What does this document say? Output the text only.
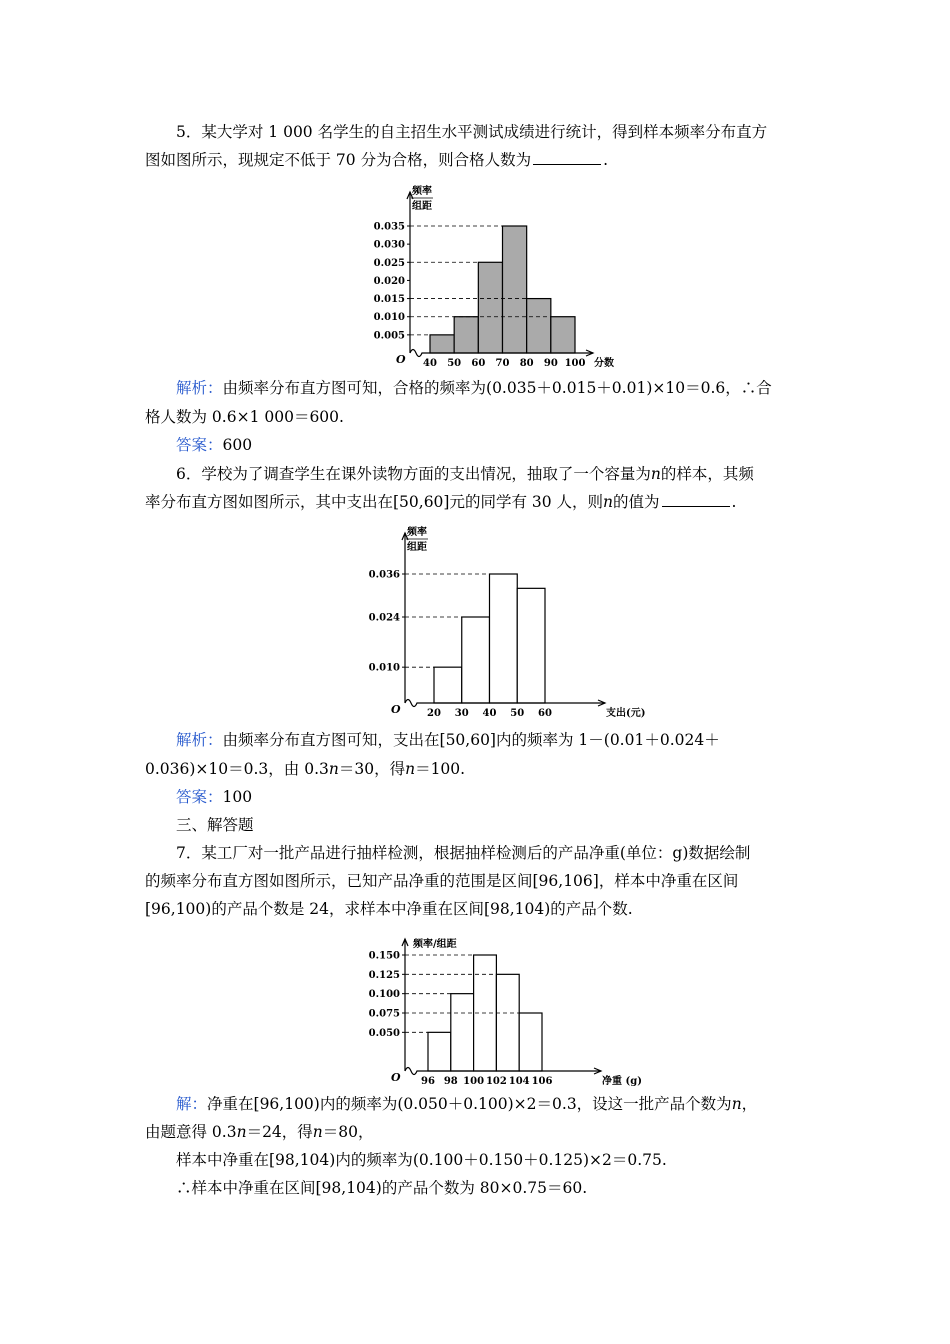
5．某大学对 1 000 名学生的自主招生水平测试成绩进行统计，得到样本频率分布直方
图如图所示，现规定不低于 70 分为合格，则合格人数为	.
0.005
0.010
0.015
0.020
0.025
0.030
0.035
40 50 60 70 80 90 100 分数
O
频率
组距
解析：由频率分布直方图可知，合格的频率为(0.035＋0.015＋0.01)×10＝0.6，∴合
格人数为 0.6×1 000＝600.
答案：600
6．学校为了调查学生在课外读物方面的支出情况，抽取了一个容量为n的样本，其频
率分布直方图如图所示，其中支出在[50,60]元的同学有 30 人，则n的值为	.
0.010
0.024
0.036
20 30 40 50 60	支出(元)
O
频率
组距
解析：由频率分布直方图可知，支出在[50,60]内的频率为 1－(0.01＋0.024＋
0.036)×10＝0.3，由 0.3n＝30，得n＝100.
答案：100
三、解答题
7．某工厂对一批产品进行抽样检测，根据抽样检测后的产品净重(单位：g)数据绘制
的频率分布直方图如图所示，已知产品净重的范围是区间[96,106]，样本中净重在区间
[96,100)的产品个数是 24，求样本中净重在区间[98,104)的产品个数.
0.050
0.075
0.100
0.125
0.150
96 98 100 102 104 106	净重 (g)
O
频率/组距
解：净重在[96,100)内的频率为(0.050＋0.100)×2＝0.3，设这一批产品个数为n，
由题意得 0.3n＝24，得n＝80，
样本中净重在[98,104)内的频率为(0.100＋0.150＋0.125)×2＝0.75.
∴样本中净重在区间[98,104)的产品个数为 80×0.75＝60.
